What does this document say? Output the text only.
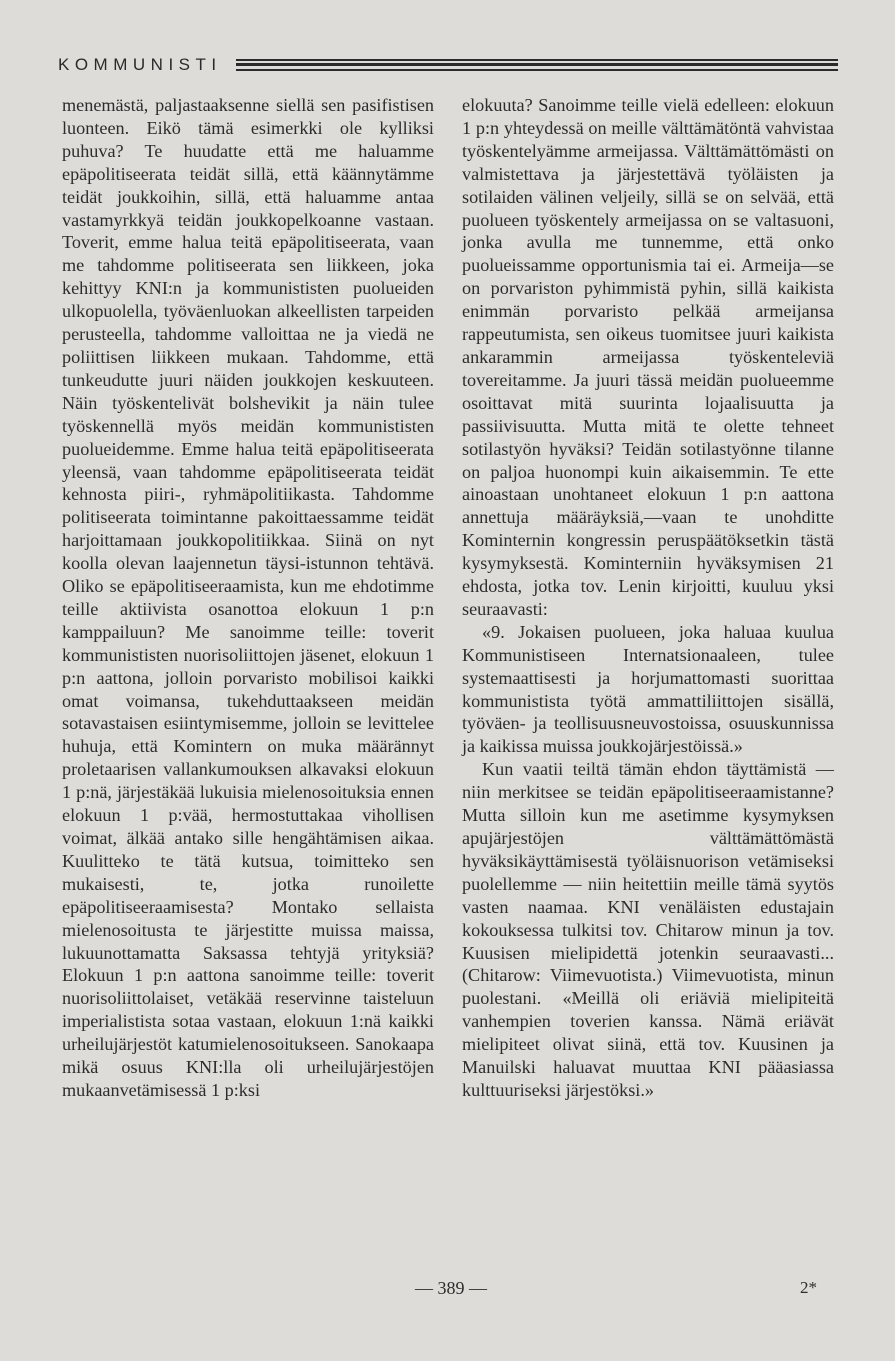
KOMMUNISTI

menemästä, paljastaaksenne siellä sen pasifistisen luonteen. Eikö tämä esimerkki ole kylliksi puhuva? Te huudatte että me haluamme epäpolitiseerata teidät sillä, että käännytämme teidät joukkoihin, sillä, että haluamme antaa vastamyrkkyä teidän joukkopelkoanne vastaan. Toverit, emme halua teitä epäpolitiseerata, vaan me tahdomme politiseerata sen liikkeen, joka kehittyy KNI:n ja kommunististen puolueiden ulkopuolella, työväenluokan alkeellisten tarpeiden perusteella, tahdomme valloittaa ne ja viedä ne poliittisen liikkeen mukaan. Tahdomme, että tunkeudutte juuri näiden joukkojen keskuuteen. Näin työskentelivät bolshevikit ja näin tulee työskennellä myös meidän kommunististen puolueidemme. Emme halua teitä epäpolitiseerata yleensä, vaan tahdomme epäpolitiseerata teidät kehnosta piiri-, ryhmäpolitiikasta. Tahdomme politiseerata toimintanne pakoittaessamme teidät harjoittamaan joukkopolitiikkaa. Siinä on nyt koolla olevan laajennetun täysi-istunnon tehtävä. Oliko se epäpolitiseeraamista, kun me ehdotimme teille aktiivista osanottoa elokuun 1 p:n kamppailuun? Me sanoimme teille: toverit kommunististen nuorisoliittojen jäsenet, elokuun 1 p:n aattona, jolloin porvaristo mobilisoi kaikki omat voimansa, tukehduttaakseen meidän sotavastaisen esiintymisemme, jolloin se levittelee huhuja, että Komintern on muka määrännyt proletaarisen vallankumouksen alkavaksi elokuun 1 p:nä, järjestäkää lukuisia mielenosoituksia ennen elokuun 1 p:vää, hermostuttakaa vihollisen voimat, älkää antako sille hengähtämisen aikaa. Kuulitteko te tätä kutsua, toimitteko sen mukaisesti, te, jotka runoilette epäpolitiseeraamisesta? Montako sellaista mielenosoitusta te järjestitte muissa maissa, lukuunottamatta Saksassa tehtyjä yrityksiä? Elokuun 1 p:n aattona sanoimme teille: toverit nuorisoliittolaiset, vetäkää reservinne taisteluun imperialistista sotaa vastaan, elokuun 1:nä kaikki urheilujärjestöt katumielenosoitukseen. Sanokaapa mikä osuus KNI:lla oli urheilujärjestöjen mukaanvetämisessä 1 p:ksi

elokuuta? Sanoimme teille vielä edelleen: elokuun 1 p:n yhteydessä on meille välttämätöntä vahvistaa työskentelyämme armeijassa. Välttämättömästi on valmistettava ja järjestettävä työläisten ja sotilaiden välinen veljeily, sillä se on selvää, että puolueen työskentely armeijassa on se valtasuoni, jonka avulla me tunnemme, että onko puolueissamme opportunismia tai ei. Armeija—se on porvariston pyhimmistä pyhin, sillä kaikista enimmän porvaristo pelkää armeijansa rappeutumista, sen oikeus tuomitsee juuri kaikista ankarammin armeijassa työskenteleviä tovereitamme. Ja juuri tässä meidän puolueemme osoittavat mitä suurinta lojaalisuutta ja passiivisuutta. Mutta mitä te olette tehneet sotilastyön hyväksi? Teidän sotilastyönne tilanne on paljoa huonompi kuin aikaisemmin. Te ette ainoastaan unohtaneet elokuun 1 p:n aattona annettuja määräyksiä,—vaan te unohditte Kominternin kongressin peruspäätöksetkin tästä kysymyksestä. Kominterniin hyväksymisen 21 ehdosta, jotka tov. Lenin kirjoitti, kuuluu yksi seuraavasti:

«9. Jokaisen puolueen, joka haluaa kuulua Kommunistiseen Internatsionaaleen, tulee systemaattisesti ja horjumattomasti suorittaa kommunistista työtä ammattiliittojen sisällä, työväen- ja teollisuusneuvostoissa, osuuskunnissa ja kaikissa muissa joukkojärjestöissä.»

Kun vaatii teiltä tämän ehdon täyttämistä — niin merkitsee se teidän epäpolitiseeraamistanne? Mutta silloin kun me asetimme kysymyksen apujärjestöjen välttämättömästä hyväksikäyttämisestä työläisnuorison vetämiseksi puolellemme — niin heitettiin meille tämä syytös vasten naamaa. KNI venäläisten edustajain kokouksessa tulkitsi tov. Chitarow minun ja tov. Kuusisen mielipidettä jotenkin seuraavasti... (Chitarow: Viimevuotista.) Viimevuotista, minun puolestani. «Meillä oli eriäviä mielipiteitä vanhempien toverien kanssa. Nämä eriävät mielipiteet olivat siinä, että tov. Kuusinen ja Manuilski haluavat muuttaa KNI pääasiassa kulttuuriseksi järjestöksi.»

— 389 —	2*
